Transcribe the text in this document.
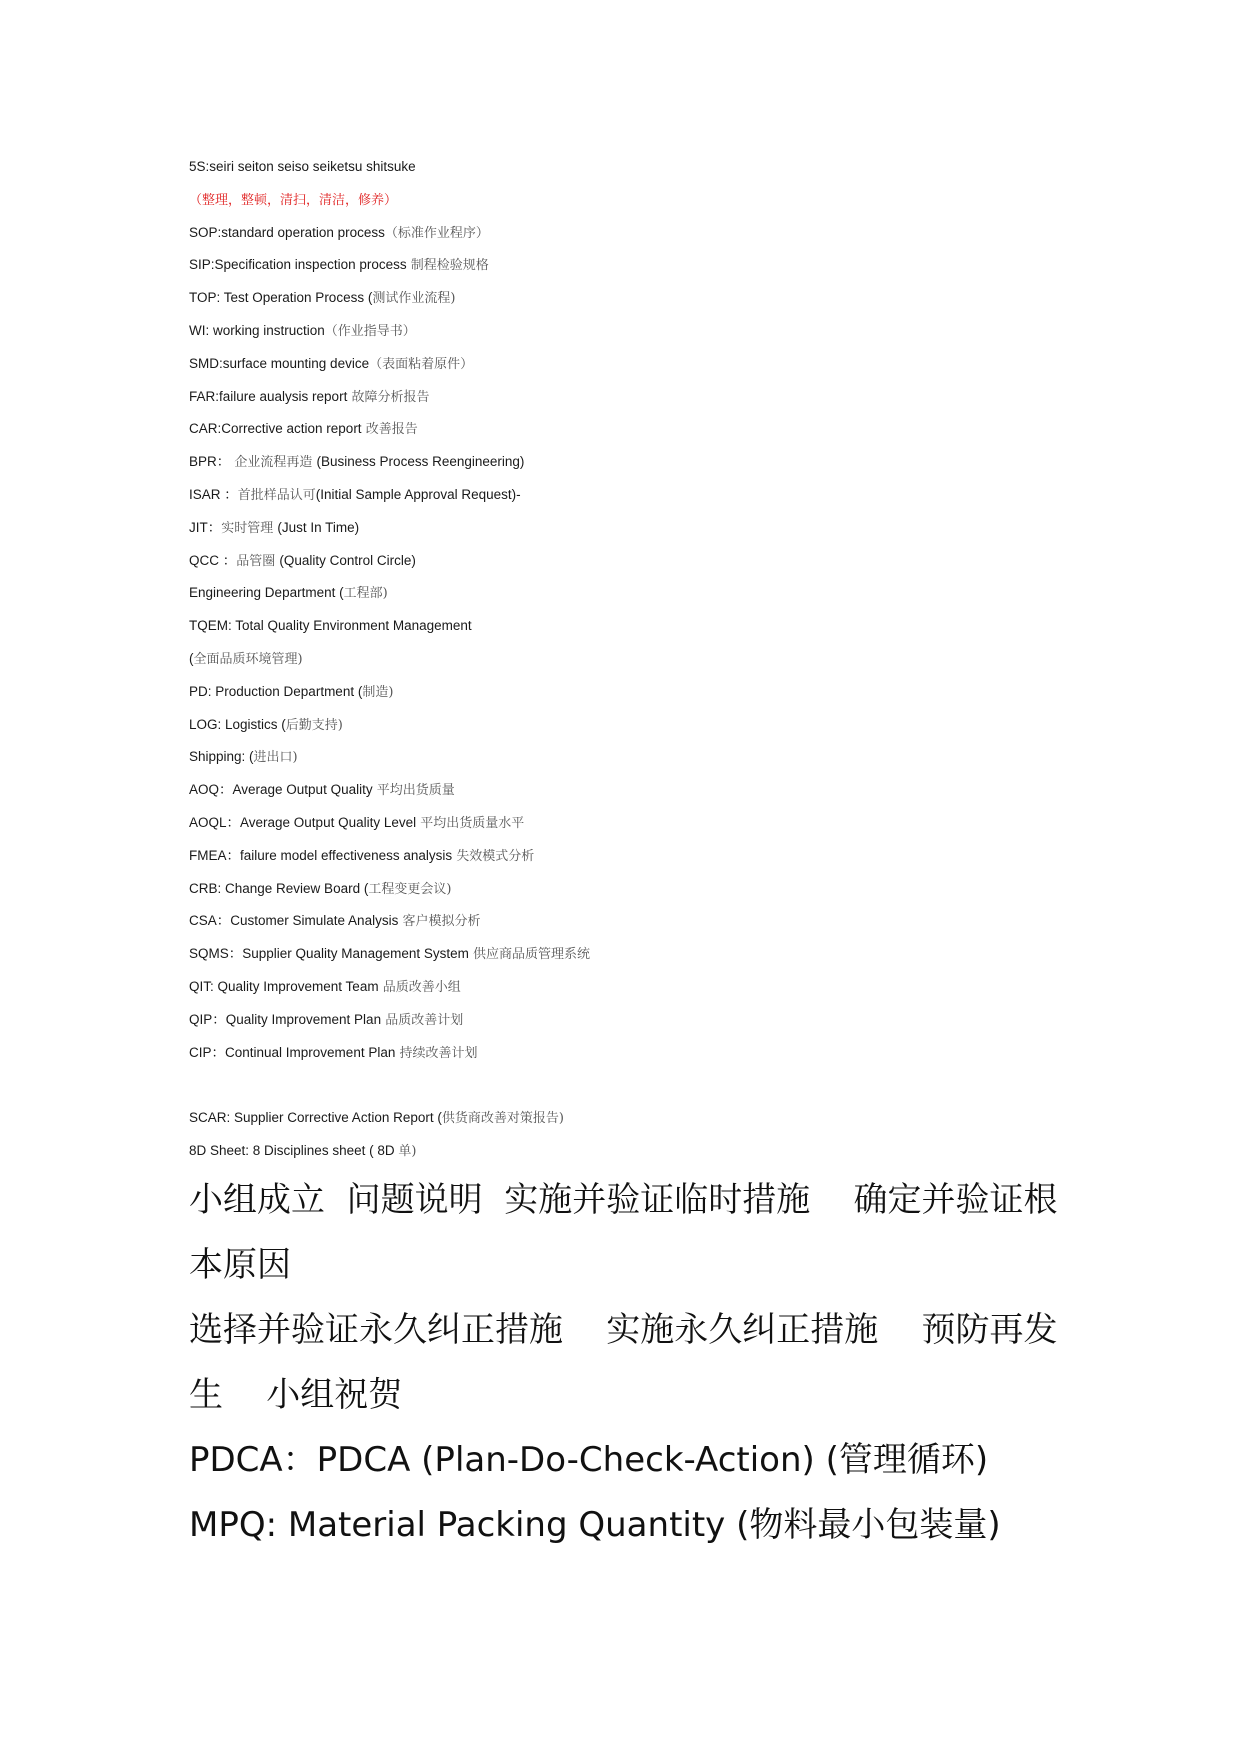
5S:seiri seiton seiso seiketsu shitsuke
（整理，整顿，清扫，清洁，修养）
SOP:standard operation process（标准作业程序）
SIP:Specification inspection process 制程检验规格
TOP: Test Operation Process (测试作业流程)
WI: working instruction（作业指导书）
SMD:surface mounting device（表面粘着原件）
FAR:failure aualysis report 故障分析报告
CAR:Corrective action report 改善报告
BPR： 企业流程再造 (Business Process Reengineering)
ISAR ：首批样品认可(Initial Sample Approval Request)-
JIT：实时管理 (Just In Time)
QCC ：品管圈 (Quality Control Circle)
Engineering Department (工程部)
TQEM: Total Quality Environment Management
(全面品质环境管理)
PD: Production Department (制造)
LOG: Logistics (后勤支持)
Shipping: (进出口)
AOQ：Average Output Quality 平均出货质量
AOQL：Average Output Quality Level 平均出货质量水平
FMEA：failure model effectiveness analysis 失效模式分析
CRB: Change Review Board (工程变更会议)
CSA：Customer Simulate Analysis 客户模拟分析
SQMS：Supplier Quality Management System 供应商品质管理系统
QIT: Quality Improvement Team 品质改善小组
QIP：Quality Improvement Plan 品质改善计划
CIP：Continual Improvement Plan 持续改善计划
SCAR: Supplier Corrective Action Report (供货商改善对策报告)
8D Sheet: 8 Disciplines sheet ( 8D 单)
小组成立  问题说明  实施并验证临时措施    确定并验证根
本原因
选择并验证永久纠正措施    实施永久纠正措施    预防再发
生    小组祝贺
PDCA：PDCA (Plan-Do-Check-Action) (管理循环)
MPQ: Material Packing Quantity (物料最小包装量)
